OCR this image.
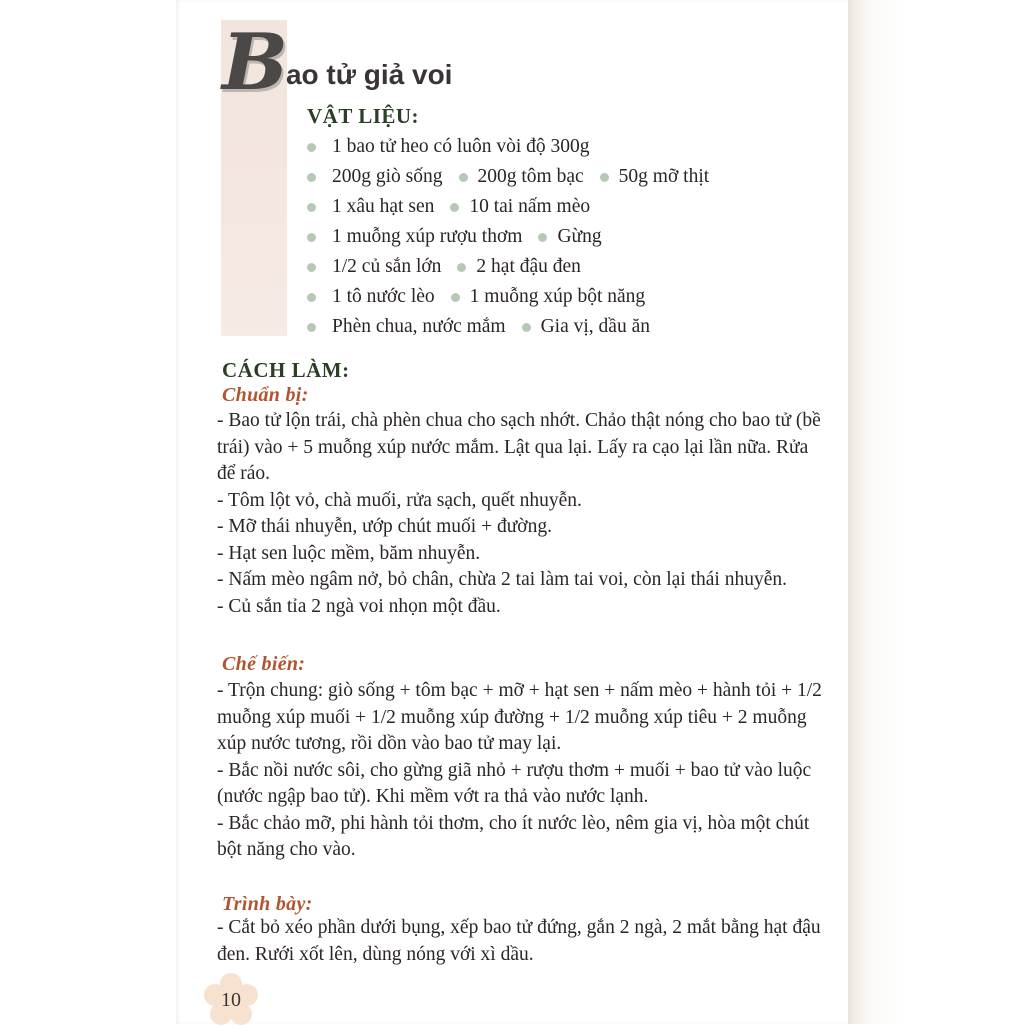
B
ao tử giả voi
VẬT LIỆU:
1 bao tử heo có luôn vòi độ 300g
200g giò sống 200g tôm bạc 50g mỡ thịt
1 xâu hạt sen 10 tai nấm mèo
1 muỗng xúp rượu thơm Gừng
1/2 củ sắn lớn 2 hạt đậu đen
1 tô nước lèo 1 muỗng xúp bột năng
Phèn chua, nước mắm Gia vị, dầu ăn
CÁCH LÀM:
Chuẩn bị:

- Bao tử lộn trái, chà phèn chua cho sạch nhớt. Chảo thật nóng cho bao tử (bề trái) vào + 5 muỗng xúp nước mắm. Lật qua lại. Lấy ra cạo lại lần nữa. Rửa để ráo.

- Tôm lột vỏ, chà muối, rửa sạch, quết nhuyễn.

- Mỡ thái nhuyễn, ướp chút muối + đường.

- Hạt sen luộc mềm, băm nhuyễn.

- Nấm mèo ngâm nở, bỏ chân, chừa 2 tai làm tai voi, còn lại thái nhuyễn.

- Củ sắn tỉa 2 ngà voi nhọn một đầu.

Chế biến:

- Trộn chung: giò sống + tôm bạc + mỡ + hạt sen + nấm mèo + hành tỏi + 1/2 muỗng xúp muối + 1/2 muỗng xúp đường + 1/2 muỗng xúp tiêu + 2 muỗng xúp nước tương, rồi dồn vào bao tử may lại.

- Bắc nồi nước sôi, cho gừng giã nhỏ + rượu thơm + muối + bao tử vào luộc (nước ngập bao tử). Khi mềm vớt ra thả vào nước lạnh.

- Bắc chảo mỡ, phi hành tỏi thơm, cho ít nước lèo, nêm gia vị, hòa một chút bột năng cho vào.

Trình bày:

- Cắt bỏ xéo phần dưới bụng, xếp bao tử đứng, gắn 2 ngà, 2 mắt bằng hạt đậu đen. Rưới xốt lên, dùng nóng với xì dầu.

10
